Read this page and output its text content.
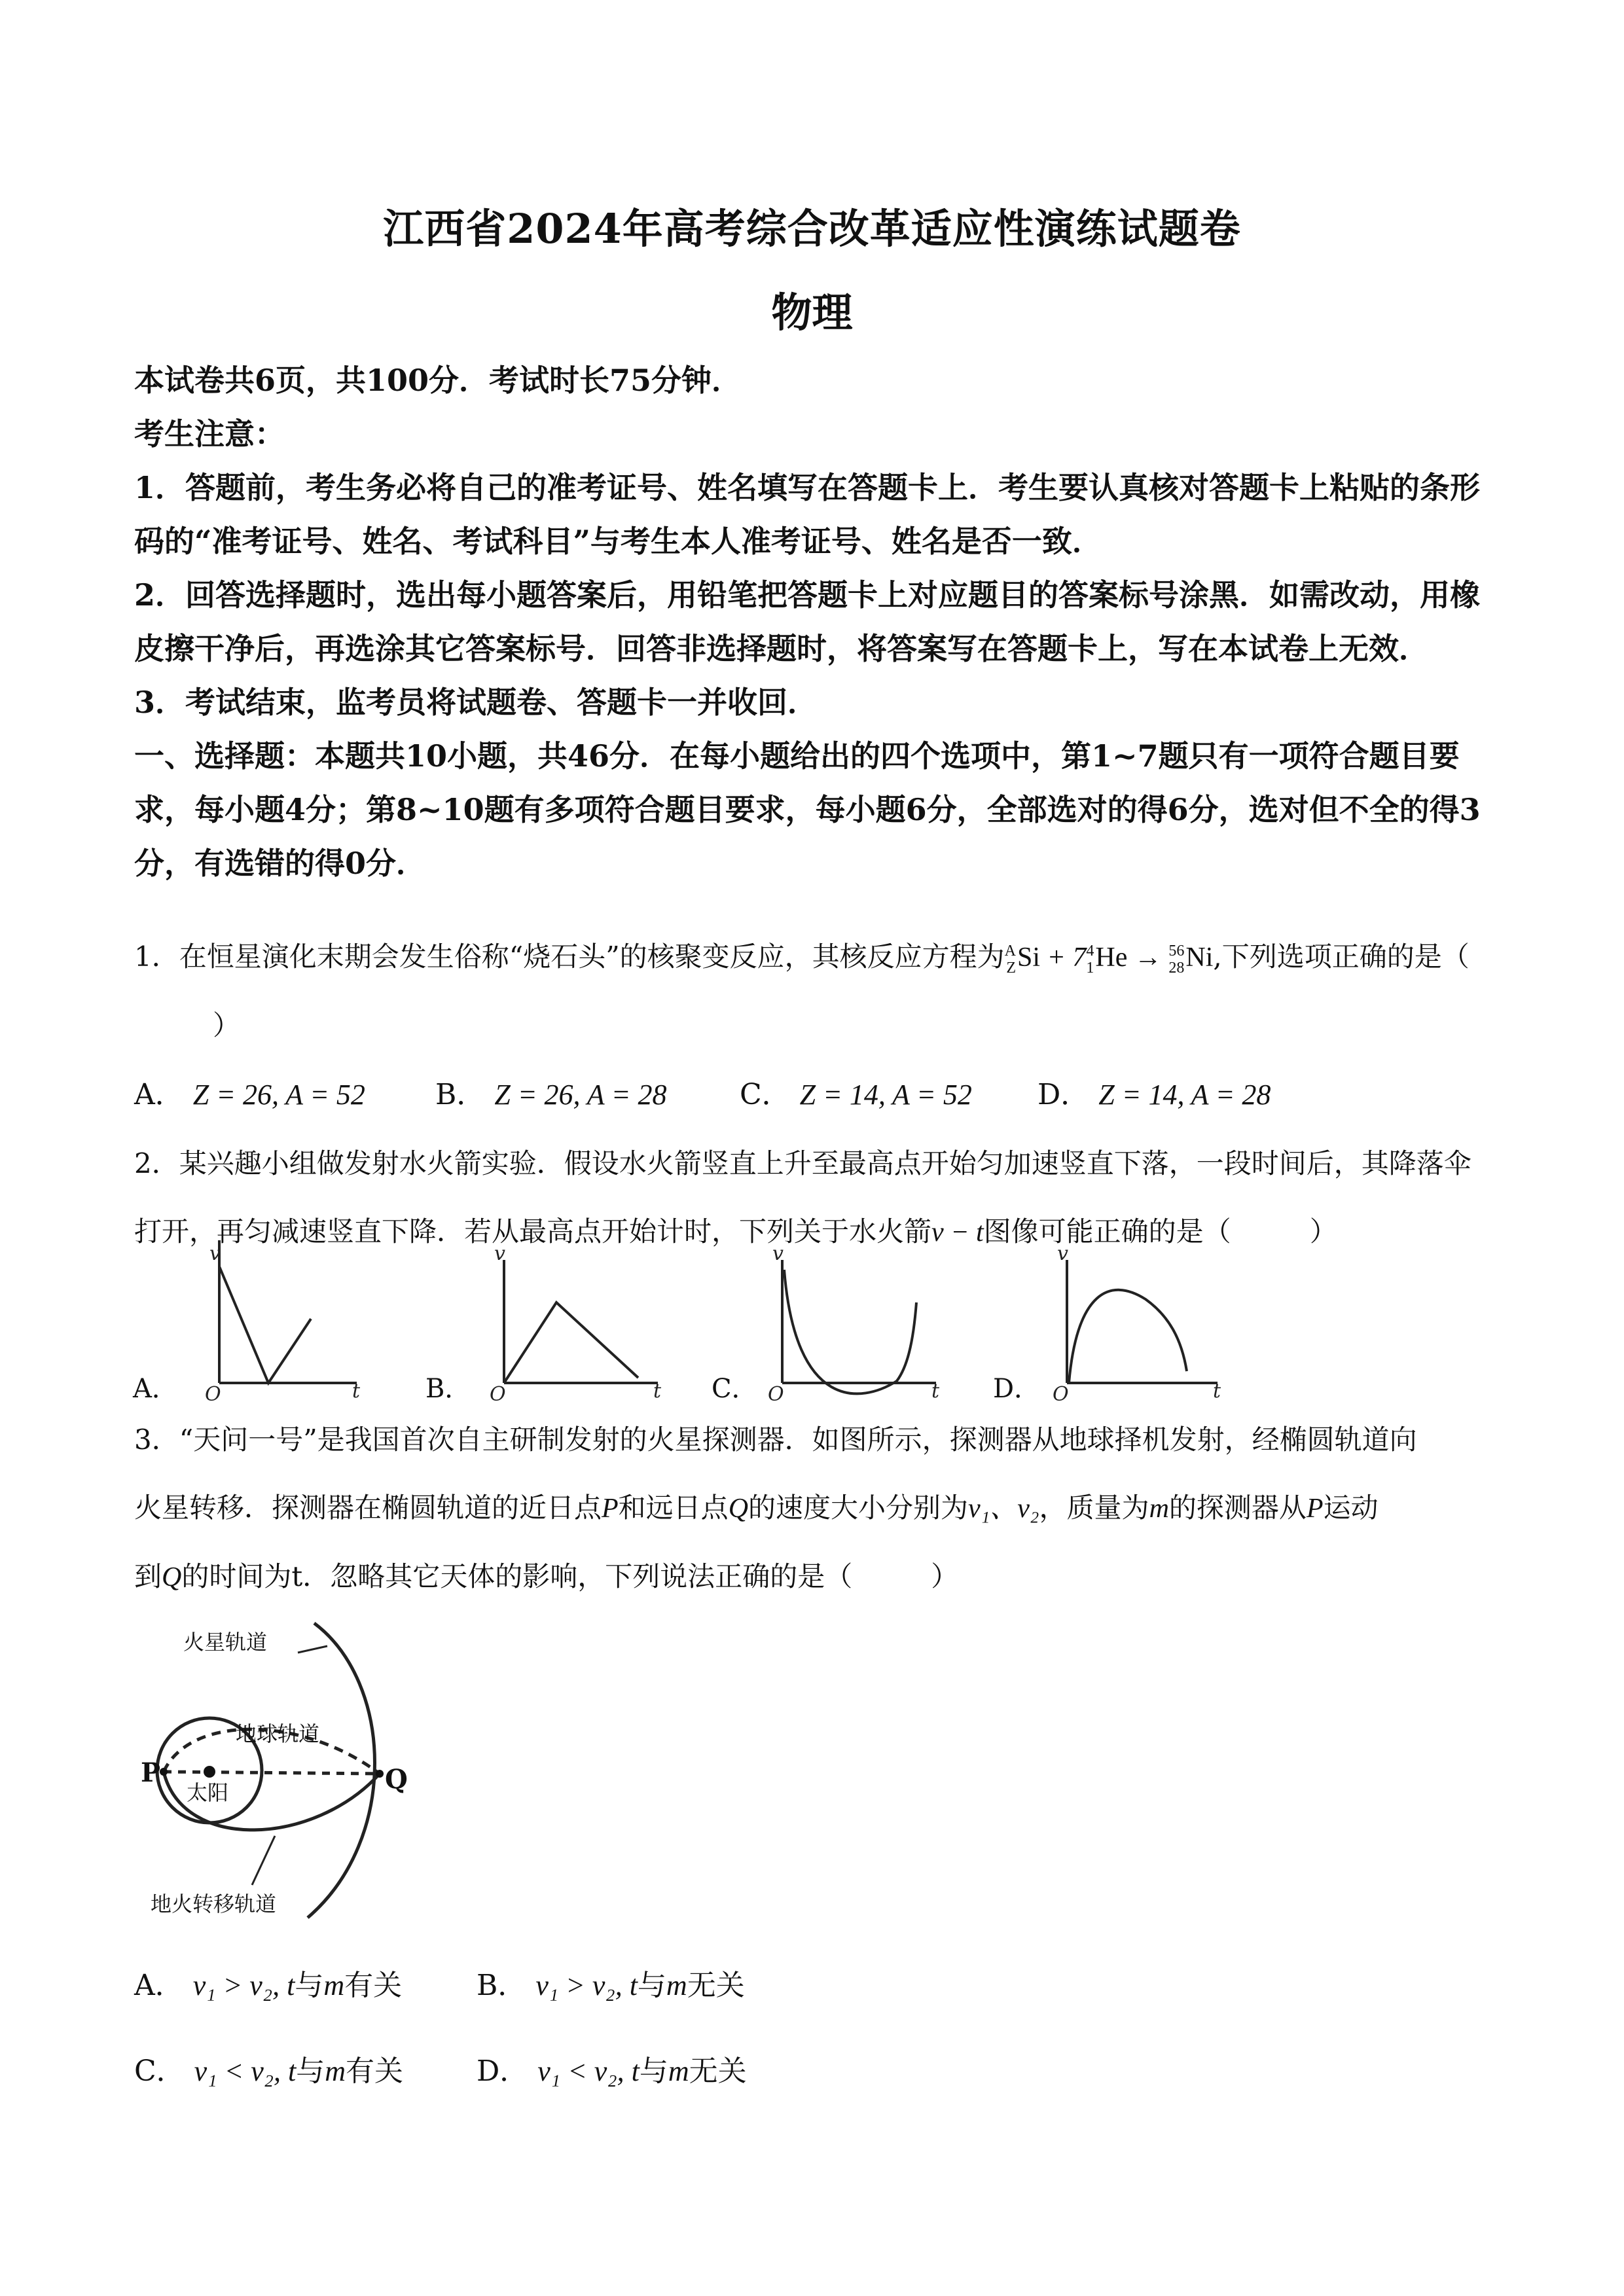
江西省2024年高考综合改革适应性演练试题卷
物理

本试卷共6页，共100分．考试时长75分钟．

考生注意：

1．答题前，考生务必将自己的准考证号、姓名填写在答题卡上．考生要认真核对答题卡上粘贴的条形码的“准考证号、姓名、考试科目”与考生本人准考证号、姓名是否一致．

2．回答选择题时，选出每小题答案后，用铅笔把答题卡上对应题目的答案标号涂黑．如需改动，用橡皮擦干净后，再选涂其它答案标号．回答非选择题时，将答案写在答题卡上，写在本试卷上无效．

3．考试结束，监考员将试题卷、答题卡一并收回．

一、选择题：本题共10小题，共46分．在每小题给出的四个选项中，第1~7题只有一项符合题目要求，每小题4分；第8~10题有多项符合题目要求，每小题6分，全部选对的得6分，选对但不全的得3分，有选错的得0分．

1．在恒星演化末期会发生俗称“烧石头”的核聚变反应，其核反应方程为A
ZSi + 74
1He → 56
28Ni,下列选项正确的是（）

A． Z = 26, A = 52 B． Z = 26, A = 28	C． Z = 14, A = 52 D． Z = 14, A = 28

2．某兴趣小组做发射水火箭实验．假设水火箭竖直上升至最高点开始匀加速竖直下落，一段时间后，其降落伞打开，再匀减速竖直下降．若从最高点开始计时，下列关于水火箭v − t图像可能正确的是（	）

v
O	t
v
O	t
v
O	t
v
O	t
A．	B．	C．	D．

3．“天问一号”是我国首次自主研制发射的火星探测器．如图所示，探测器从地球择机发射，经椭圆轨道向

火星转移．探测器在椭圆轨道的近日点P和远日点Q的速度大小分别为v₁、v₂，质量为m的探测器从P运动

到Q的时间为t．忽略其它天体的影响，下列说法正确的是（	）

火星轨道
地球轨道
太阳
地火转移轨道
P	Q
A． v₁ > v₂, t与m有关	B． v₁ > v₂, t与m无关
C． v₁ < v₂, t与m有关	D． v₁ < v₂, t与m无关
